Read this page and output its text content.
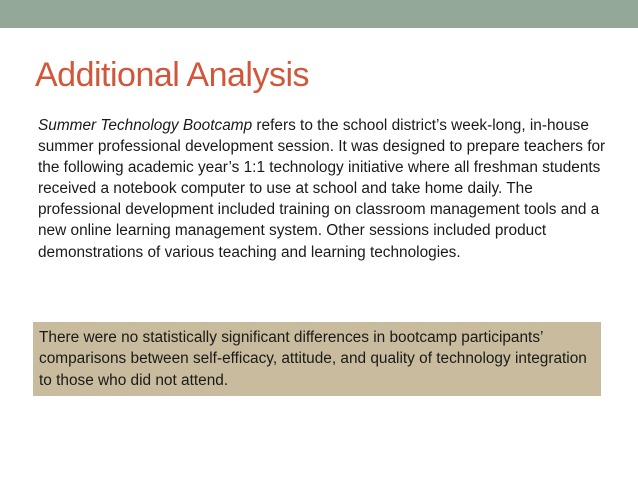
Additional Analysis

Summer Technology Bootcamp refers to the school district’s week-long, in-house summer professional development session. It was designed to prepare teachers for the following academic year’s 1:1 technology initiative where all freshman students received a notebook computer to use at school and take home daily. The professional development included training on classroom management tools and a new online learning management system. Other sessions included product demonstrations of various teaching and learning technologies.

There were no statistically significant differences in bootcamp participants’ comparisons between self-efficacy, attitude, and quality of technology integration to those who did not attend.
